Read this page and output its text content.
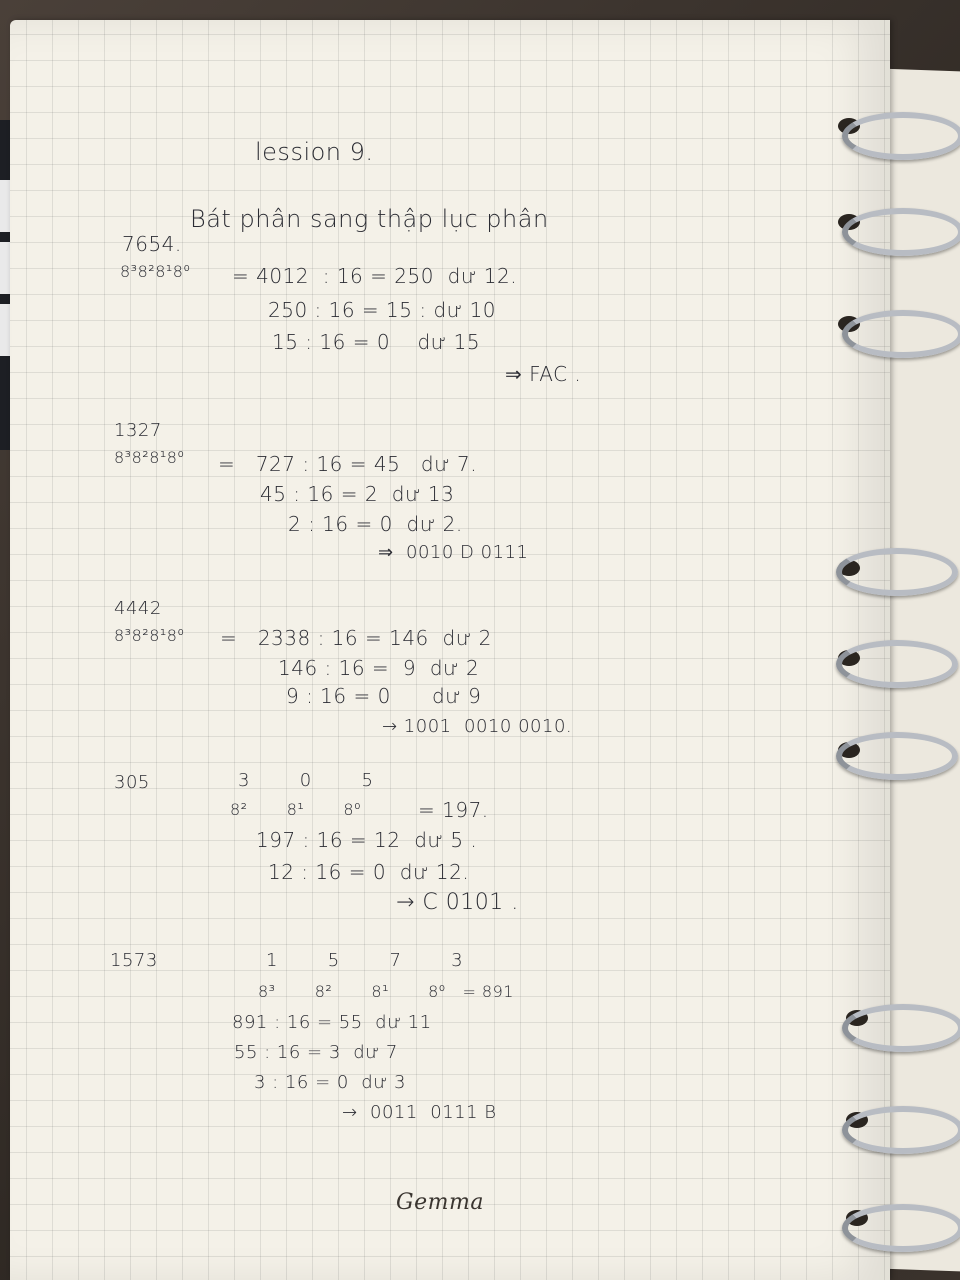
lession 9.
Bát phân sang thập lục phân
7654.
8³8²8¹8⁰ = 4012  : 16 = 250  dư 12.
250 : 16 = 15 : dư 10
15 : 16 = 0    dư 15
⇒ FAC .
1327
8³8²8¹8⁰ =   727 : 16 = 45   dư 7.
45 : 16 = 2  dư 13
2 : 16 = 0  dư 2.
⇒  0010 D 0111
4442
8³8²8¹8⁰ =   2338 : 16 = 146  dư 2
146 : 16 =  9  dư 2
9 : 16 = 0      dư 9
→ 1001  0010 0010.
305	3        0        5
8²       8¹       8⁰	= 197.
197 : 16 = 12  dư 5 .
12 : 16 = 0  dư 12.
→ C 0101 .
1573	1        5        7        3
8³       8²       8¹       8⁰   = 891
891 : 16 = 55  dư 11
55 : 16 = 3  dư 7
3 : 16 = 0  dư 3
→  0011  0111 B
Gemma
